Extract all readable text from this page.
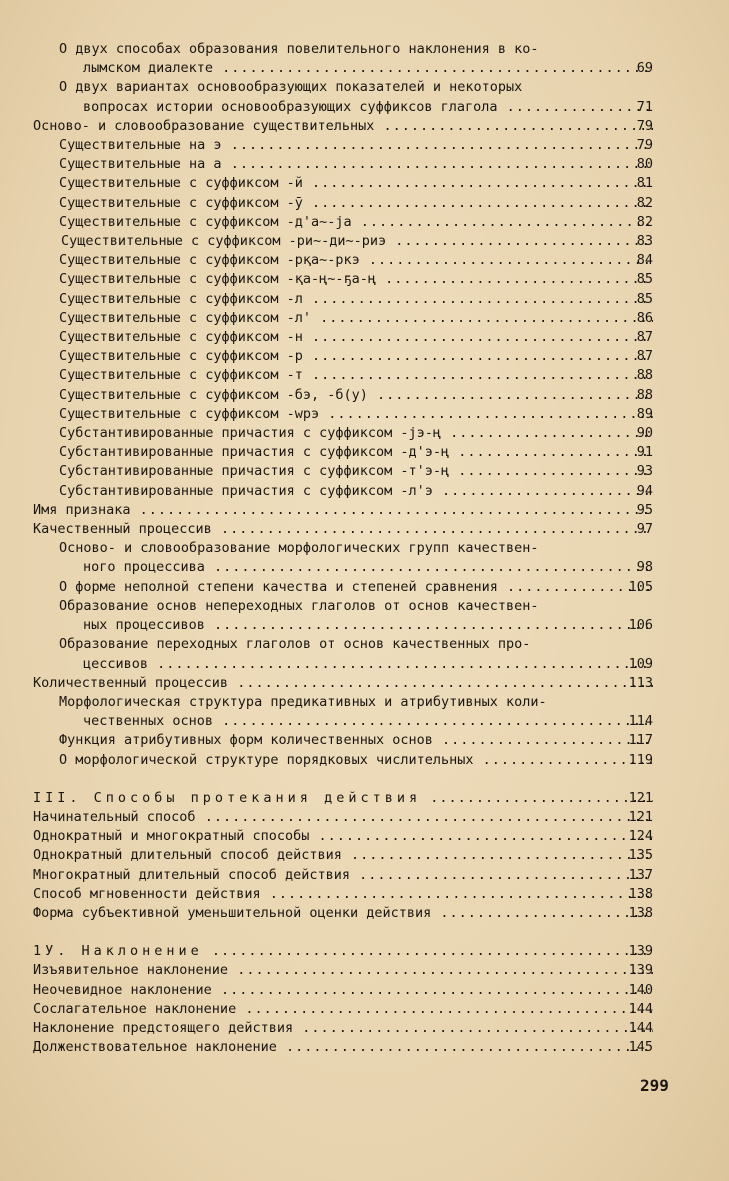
О двух способах образования повелительного наклонения в ко-
лымском диалекте .....	69
О двух вариантах основообразующих показателей и некоторых
вопросах истории основообразующих суффиксов глагола .....	71
Осново- и словообразование существительных .....	79
Существительные на э .....	79
Существительные на а .....	80
Существительные с суффиксом -й .....	81
Существительные с суффиксом -ӯ .....	82
Существительные с суффиксом -д'а~-ја .....	82
Существительные с суффиксом -ри~-ди~-риэ .....	83
Существительные с суффиксом -рқа~-ркэ .....	84
Существительные с суффиксом -қа-ң~-ҕа-ң .....	85
Существительные с суффиксом -л .....	85
Существительные с суффиксом -л' .....	86
Существительные с суффиксом -н .....	87
Существительные с суффиксом -р .....	87
Существительные с суффиксом -т .....	88
Существительные с суффиксом -бэ, -б(у) .....	88
Существительные с суффиксом -wрэ .....	89
Субстантивированные причастия с суффиксом -јэ-ң .....	90
Субстантивированные причастия с суффиксом -д'э-ң .....	91
Субстантивированные причастия с суффиксом -т'э-ң .....	93
Субстантивированные причастия с суффиксом -л'э .....	94
Имя признака .....	95
Качественный процессив .....	97
Осново- и словообразование морфологических групп качествен-
ного процессива .....	98
О форме неполной степени качества и степеней сравнения .....	105
Образование основ непереходных глаголов от основ качествен-
ных процессивов .....	106
Образование переходных глаголов от основ качественных про-
цессивов .....	109
Количественный процессив .....	113
Морфологическая структура предикативных и атрибутивных коли-
чественных основ .....	114
Функция атрибутивных форм количественных основ .....	117
О морфологической структуре порядковых числительных .....	119
III. Способы протекания действия .....	121
Начинательный способ .....	121
Однократный и многократный способы .....	124
Однократный длительный способ действия .....	135
Многократный длительный способ действия .....	137
Способ мгновенности действия .....	138
Форма субъективной уменьшительной оценки действия .....	138
1У. Наклонение .....	139
Изъявительное наклонение .....	139
Неочевидное наклонение .....	140
Сослагательное наклонение .....	144
Наклонение предстоящего действия .....	144
Долженствовательное наклонение .....	145
299
